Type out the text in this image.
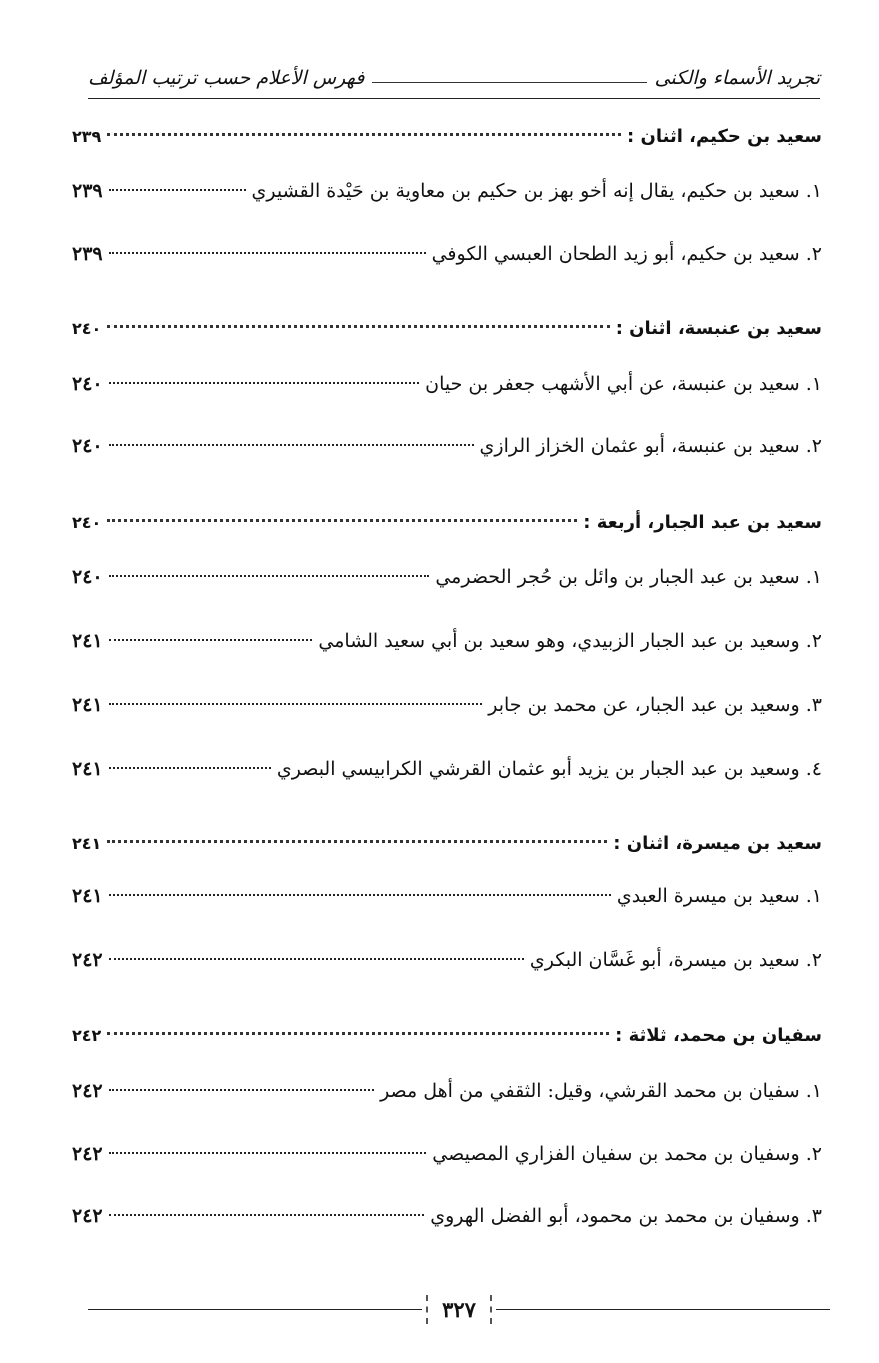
تجريد الأسماء والكنى
فهرس الأعلام حسب ترتيب المؤلف
سعيد بن حكيم، اثنان :
٢٣٩
١. سعيد بن حكيم، يقال إنه أخو بهز بن حكيم بن معاوية بن حَيْدة القشيري
٢٣٩
٢. سعيد بن حكيم، أبو زيد الطحان العبسي الكوفي
٢٣٩
سعيد بن عنبسة، اثنان :
٢٤٠
١. سعيد بن عنبسة، عن أبي الأشهب جعفر بن حيان
٢٤٠
٢. سعيد بن عنبسة، أبو عثمان الخزاز الرازي
٢٤٠
سعيد بن عبد الجبار، أربعة :
٢٤٠
١. سعيد بن عبد الجبار بن وائل بن حُجر الحضرمي
٢٤٠
٢. وسعيد بن عبد الجبار الزبيدي، وهو سعيد بن أبي سعيد الشامي
٢٤١
٣. وسعيد بن عبد الجبار، عن محمد بن جابر
٢٤١
٤. وسعيد بن عبد الجبار بن يزيد أبو عثمان القرشي الكرابيسي البصري
٢٤١
سعيد بن ميسرة، اثنان :
٢٤١
١. سعيد بن ميسرة العبدي
٢٤١
٢. سعيد بن ميسرة، أبو غَسَّان البكري
٢٤٢
سفيان بن محمد، ثلاثة :
٢٤٢
١. سفيان بن محمد القرشي، وقيل: الثقفي من أهل مصر
٢٤٢
٢. وسفيان بن محمد بن سفيان الفزاري المصيصي
٢٤٢
٣. وسفيان بن محمد بن محمود، أبو الفضل الهروي
٢٤٢
٣٢٧
